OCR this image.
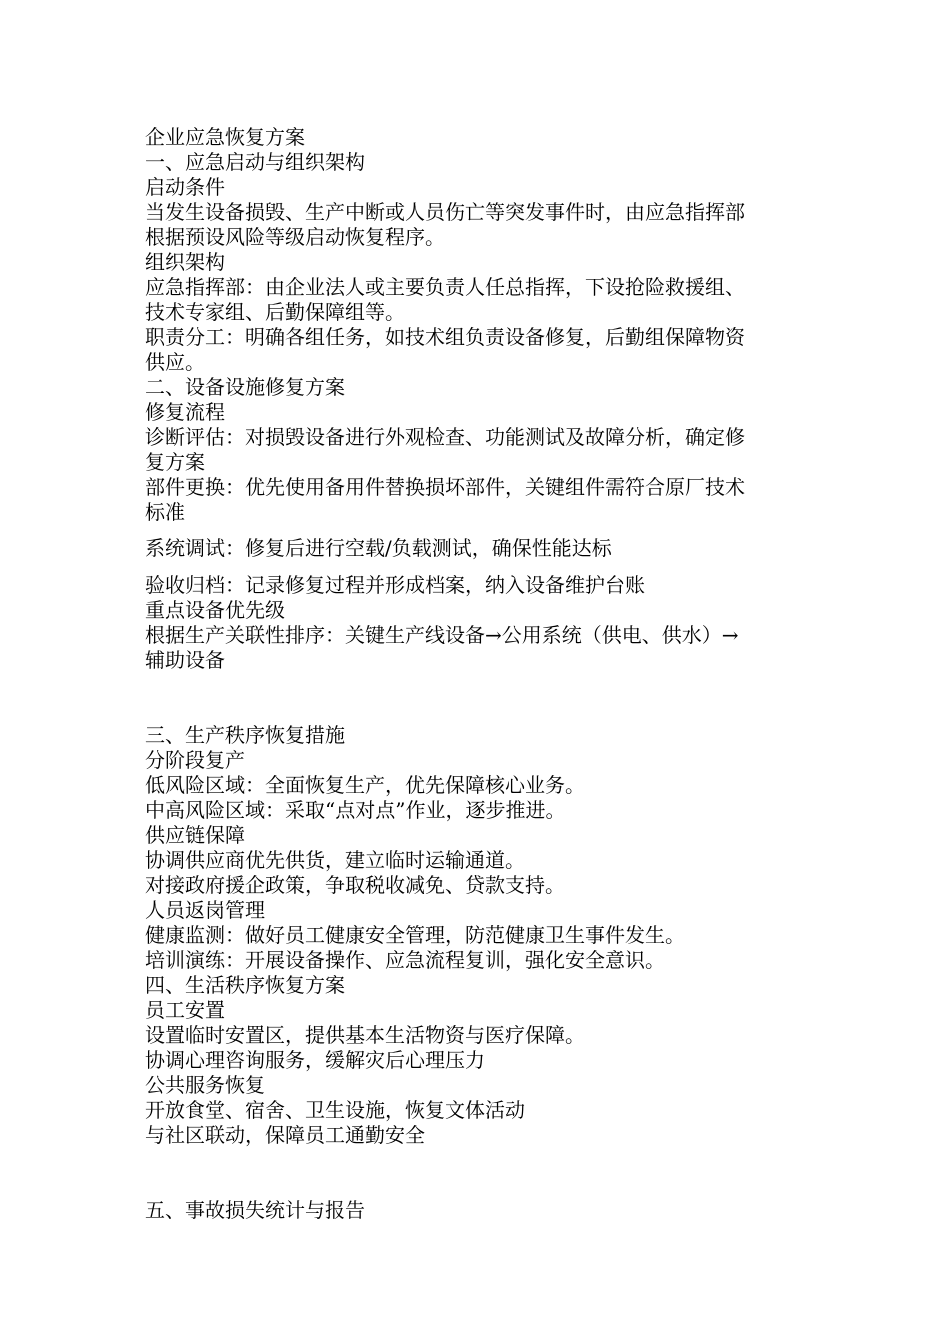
企业应急恢复方案
一、应急启动与组织架构
启动条件
当发生设备损毁、生产中断或人员伤亡等突发事件时，由应急指挥部
根据预设风险等级启动恢复程序。
组织架构
应急指挥部：由企业法人或主要负责人任总指挥，下设抢险救援组、
技术专家组、后勤保障组等。
职责分工：明确各组任务，如技术组负责设备修复，后勤组保障物资
供应。
二、设备设施修复方案
修复流程
诊断评估：对损毁设备进行外观检查、功能测试及故障分析，确定修
复方案
部件更换：优先使用备用件替换损坏部件，关键组件需符合原厂技术
标准
系统调试：修复后进行空载/负载测试，确保性能达标
验收归档：记录修复过程并形成档案，纳入设备维护台账
重点设备优先级
根据生产关联性排序：关键生产线设备→公用系统（供电、供水）→
辅助设备
三、生产秩序恢复措施
分阶段复产
低风险区域：全面恢复生产，优先保障核心业务。
中高风险区域：采取“点对点”作业，逐步推进。
供应链保障
协调供应商优先供货，建立临时运输通道。
对接政府援企政策，争取税收减免、贷款支持。
人员返岗管理
健康监测：做好员工健康安全管理，防范健康卫生事件发生。
培训演练：开展设备操作、应急流程复训，强化安全意识。
四、生活秩序恢复方案
员工安置
设置临时安置区，提供基本生活物资与医疗保障。
协调心理咨询服务，缓解灾后心理压力
公共服务恢复
开放食堂、宿舍、卫生设施，恢复文体活动
与社区联动，保障员工通勤安全
五、事故损失统计与报告
